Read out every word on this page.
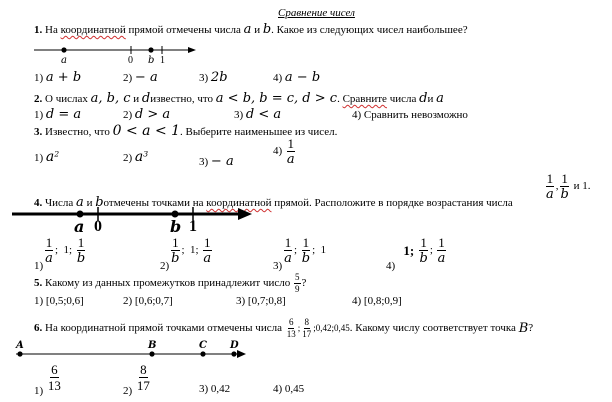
Сравнение чисел
1. На координатной прямой отмечены числа a и b. Какое из следующих чисел наибольшее?
a	0 b 1
1) a + b	2) − a	3) 2b	4) a − b
2. О числах a, b, c и dизвестно, что a < b, b = c, d > c. Сравните числа dи a
1) d = a	2) d > a	3) d < a	4) Сравнить невозможно
3. Известно, что 0 < a < 1. Выберите наименьшее из чисел.
1) $a^2$	2) $a^3$
3) − a
$4) \frac{1}{a}$
4. Числа a и bотмечены точками на координатной прямой. Расположите в порядке возрастания числа
$\frac{1}{a}$ , $\frac{1}{b}$ и 1.
a 0	b 1
1)
$\frac{1}{a}$ ;  1; $\frac{1}{b}$
2)
$\frac{1}{b}$ ;  1; $\frac{1}{a}$
3)
$\frac{1}{a}$ ; $\frac{1}{b}$ ;  1
4)   1; $\frac{1}{b}$ ; $\frac{1}{a}$
5. Какому из данных промежутков принадлежит число $\frac{5}{9}$ ?
1) [0,5;0,6]	2) [0,6;0,7]	3) [0,7;0,8]	4) [0,8;0,9]
6. На координатной прямой точками отмечены числа $\frac{6}{13}$ ; $\frac{8}{17}$ ;0,42;0,45. Какому числу соответствует точка B?
A	B	C D
$1) \frac{6}{13}$	$2) \frac{8}{17}$	3) 0,42	4) 0,45
